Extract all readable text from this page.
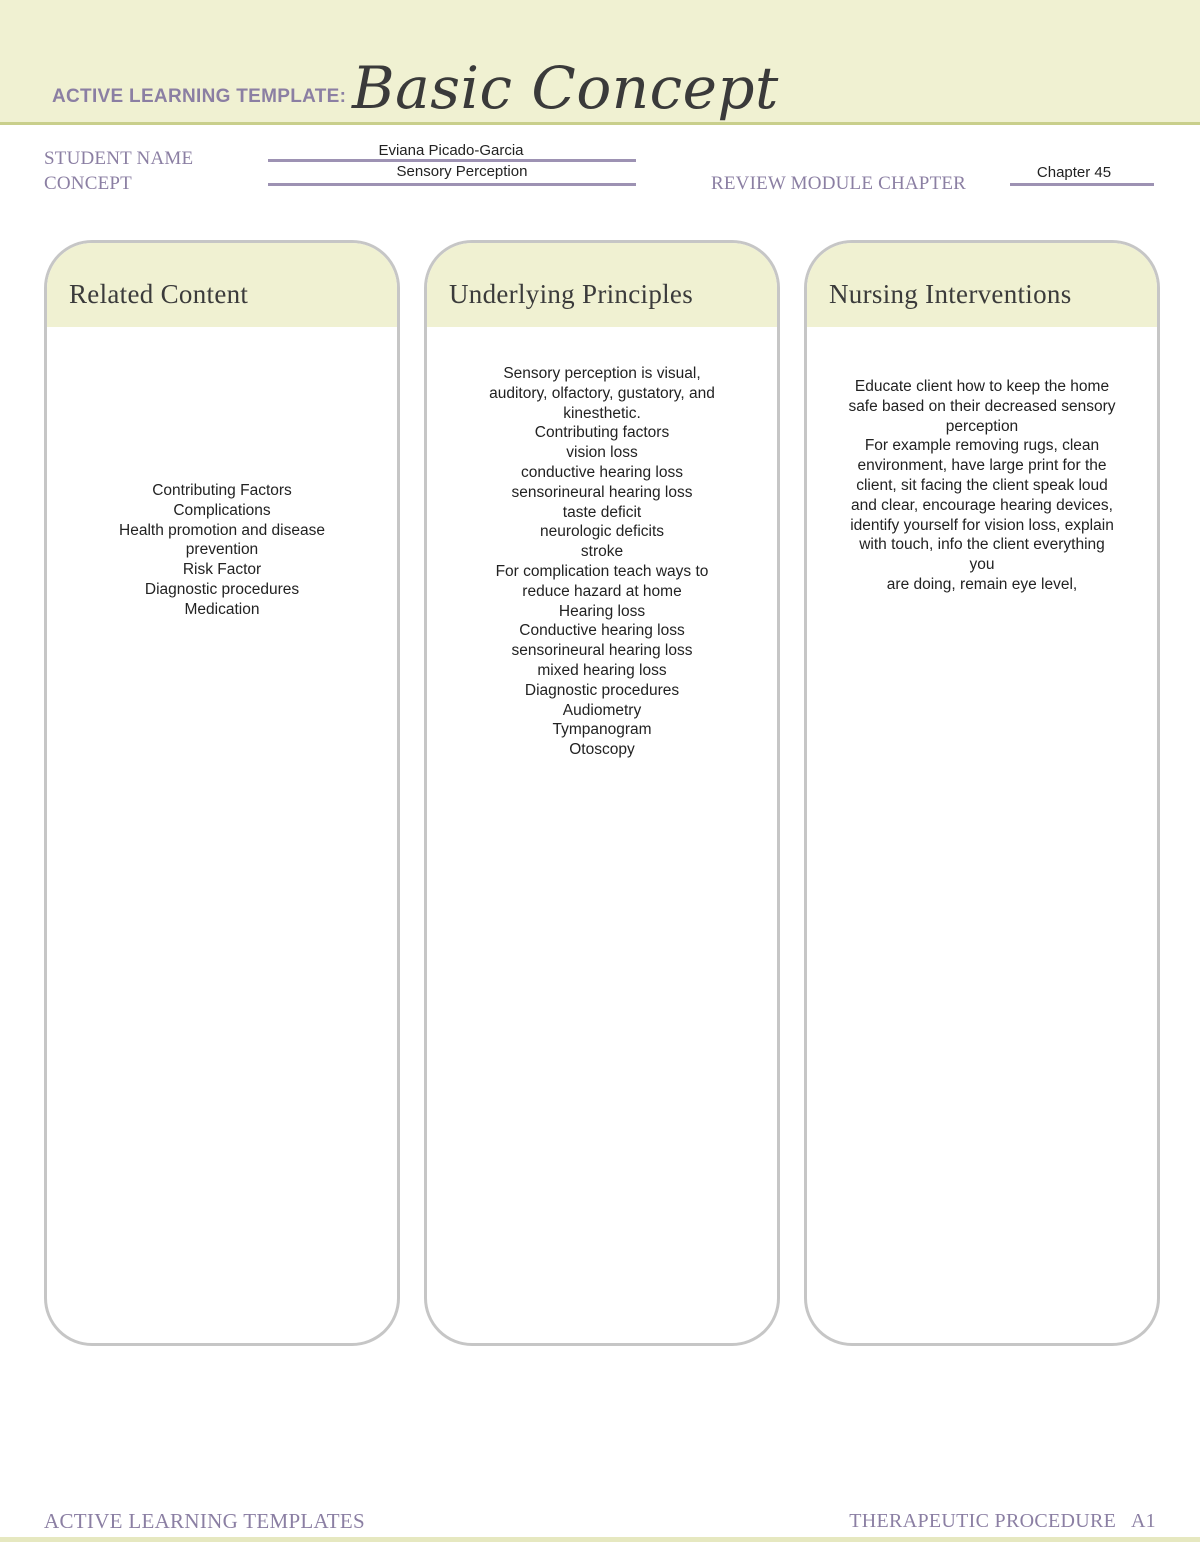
ACTIVE LEARNING TEMPLATE: Basic Concept
STUDENT NAME	Eviana Picado-Garcia
CONCEPT
Sensory Perception
REVIEW MODULE CHAPTER
Chapter 45
Related Content
Contributing Factors
Complications
Health promotion and disease
prevention
Risk Factor
Diagnostic procedures
Medication
Underlying Principles
Sensory perception is visual,
auditory, olfactory, gustatory, and
kinesthetic.
Contributing factors
vision loss
conductive hearing loss
sensorineural hearing loss
taste deficit
neurologic deficits
stroke
For complication teach ways to
reduce hazard at home
Hearing loss
Conductive hearing loss
sensorineural hearing loss
mixed hearing loss
Diagnostic procedures
Audiometry
Tympanogram
Otoscopy
Nursing Interventions
Educate client how to keep the home
safe based on their decreased sensory
perception
For example removing rugs, clean
environment, have large print for the
client, sit facing the client speak loud
and clear, encourage hearing devices,
identify yourself for vision loss, explain
with touch, info the client everything you
are doing, remain eye level,
ACTIVE LEARNING TEMPLATES	THERAPEUTIC PROCEDURE   A1
